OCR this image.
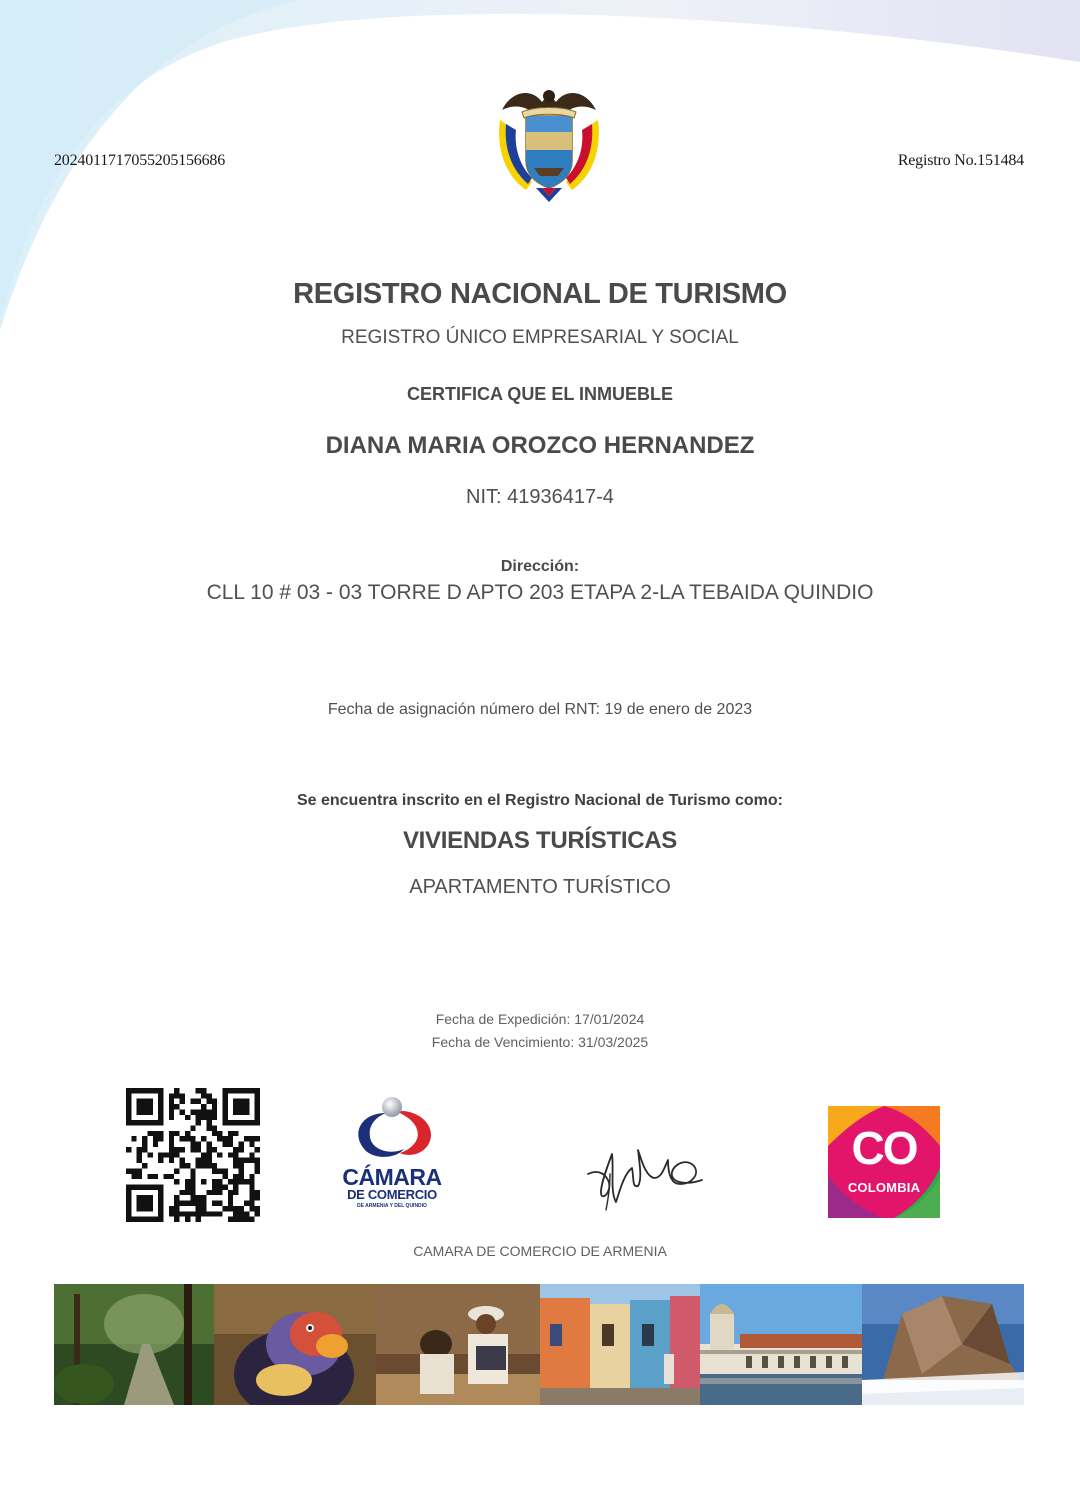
20240117170552051566​86	Registro No.151484
REGISTRO NACIONAL DE TURISMO
REGISTRO ÚNICO EMPRESARIAL Y SOCIAL
CERTIFICA QUE EL INMUEBLE
DIANA MARIA OROZCO HERNANDEZ
NIT: 41936417-4
Dirección:
CLL 10 # 03 - 03 TORRE D APTO 203 ETAPA 2-LA TEBAIDA QUINDIO
Fecha de asignación número del RNT: 19 de enero de 2023
Se encuentra inscrito en el Registro Nacional de Turismo como:
VIVIENDAS TURÍSTICAS
APARTAMENTO TURÍSTICO
Fecha de Expedición: 17/01/2024
Fecha de Vencimiento: 31/03/2025
CÁMARA
DE COMERCIO
DE ARMENIA Y DEL QUINDIO
CO
COLOMBIA
CAMARA DE COMERCIO DE ARMENIA
